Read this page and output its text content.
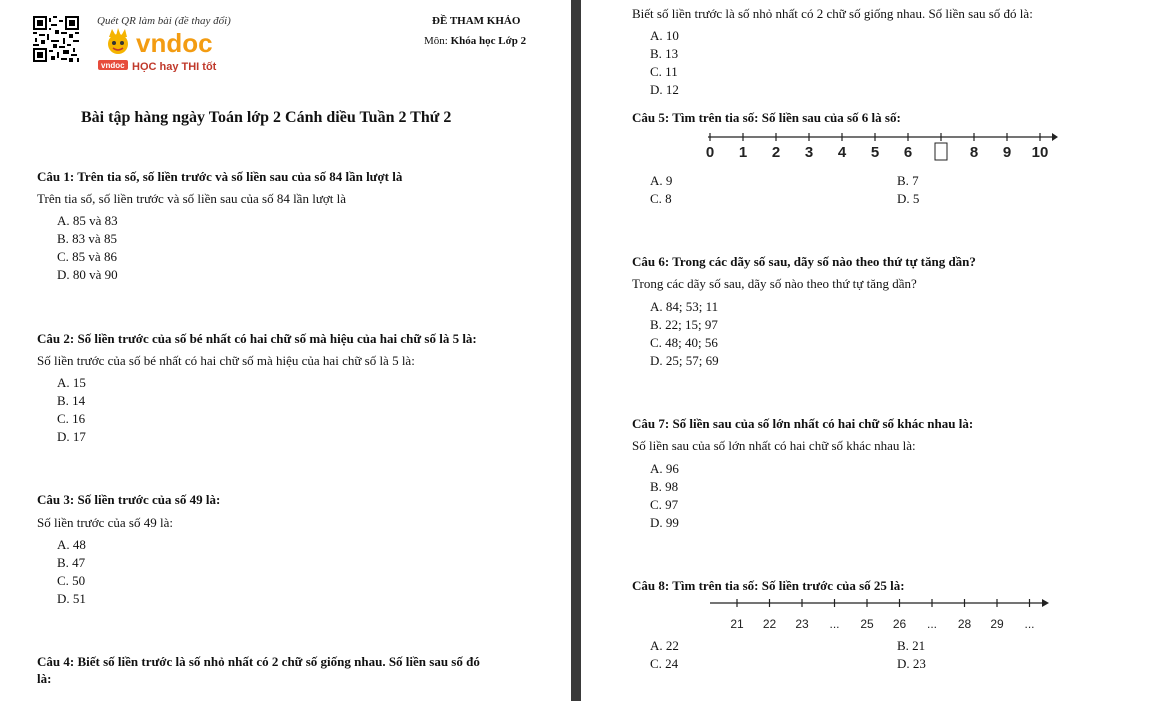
Quét QR làm bài (đề thay đổi)
vndoc
vndoc HỌC hay THI tốt
ĐỀ THAM KHẢO
Môn: Khóa học Lớp 2
Bài tập hàng ngày Toán lớp 2 Cánh diều Tuần 2 Thứ 2
Câu 1: Trên tia số, số liền trước và số liền sau của số 84 lần lượt là
Trên tia số, số liền trước và số liền sau của số 84 lần lượt là
A. 85 và 83
B. 83 và 85
C. 85 và 86
D. 80 và 90
Câu 2: Số liền trước của số bé nhất có hai chữ số mà hiệu của hai chữ số là 5 là:
Số liền trước của số bé nhất có hai chữ số mà hiệu của hai chữ số là 5 là:
A. 15
B. 14
C. 16
D. 17
Câu 3: Số liền trước của số 49 là:
Số liền trước của số 49 là:
A. 48
B. 47
C. 50
D. 51
Câu 4: Biết số liền trước là số nhỏ nhất có 2 chữ số giống nhau. Số liền sau số đó
là:
Biết số liền trước là số nhỏ nhất có 2 chữ số giống nhau. Số liền sau số đó là:
A. 10
B. 13
C. 11
D. 12
Câu 5: Tìm trên tia số: Số liền sau của số 6 là số:
0 1 2 3 4 5 6	8 9 10
A. 9	B. 7
C. 8	D. 5
Câu 6: Trong các dãy số sau, dãy số nào theo thứ tự tăng dần?
Trong các dãy số sau, dãy số nào theo thứ tự tăng dần?
A. 84; 53; 11
B. 22; 15; 97
C. 48; 40; 56
D. 25; 57; 69
Câu 7: Số liền sau của số lớn nhất có hai chữ số khác nhau là:
Số liền sau của số lớn nhất có hai chữ số khác nhau là:
A. 96
B. 98
C. 97
D. 99
Câu 8: Tìm trên tia số: Số liền trước của số 25 là:
21 22 23 ... 25 26 ... 28 29 ...
A. 22	B. 21
C. 24	D. 23
